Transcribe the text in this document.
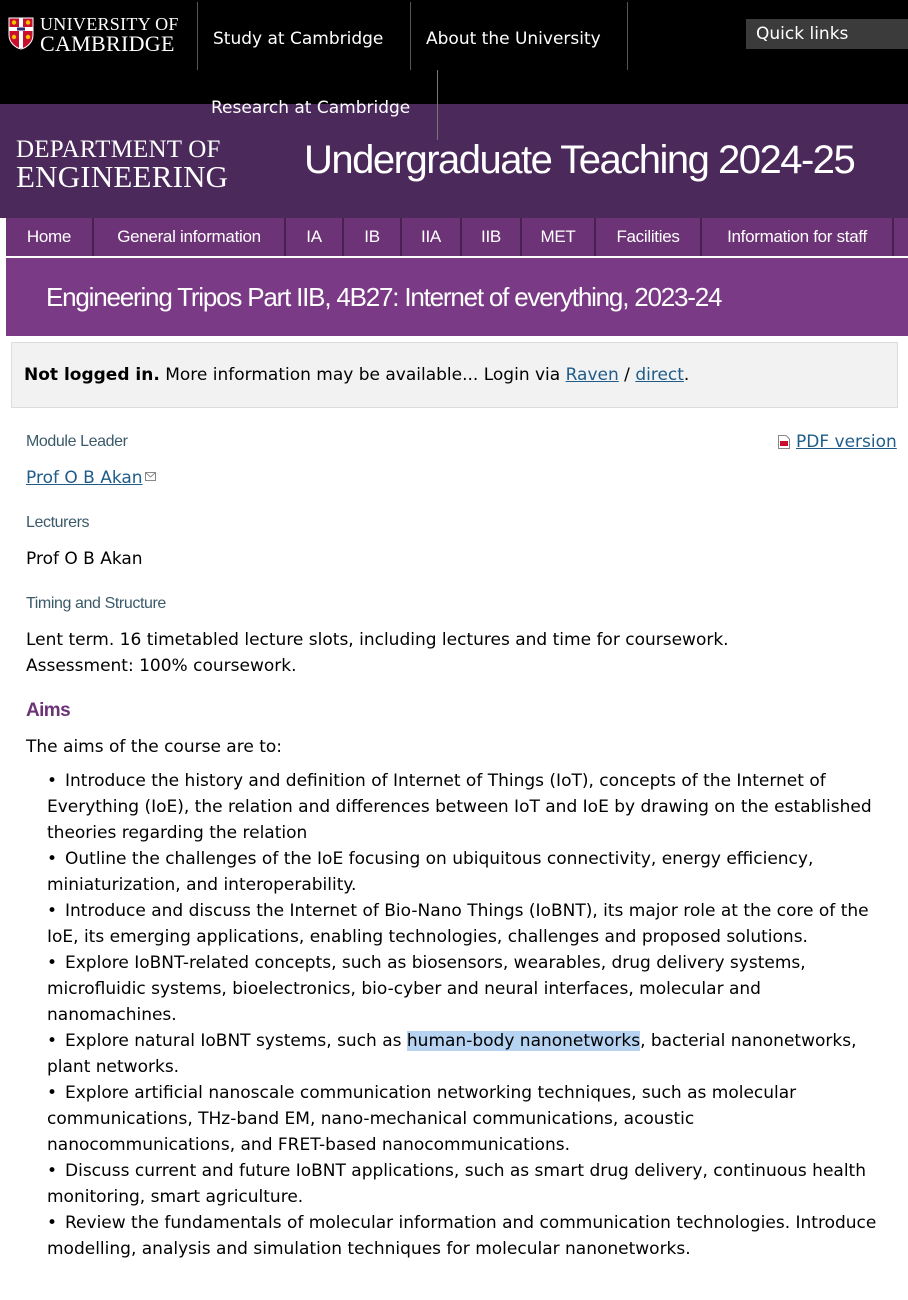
UNIVERSITY OF
CAMBRIDGE Study at Cambridge	About the University	Quick links
Research at Cambridge
DEPARTMENT OF
ENGINEERING Undergraduate Teaching 2024-25
Home	General information	IA	IB	IIA	IIB	MET	Facilities	Information for staff
Engineering Tripos Part IIB, 4B27: Internet of everything, 2023-24
Not logged in. More information may be available... Login via Raven / direct.
PDF version
Module Leader
Prof O B Akan
Lecturers
Prof O B Akan
Timing and Structure
Lent term. 16 timetabled lecture slots, including lectures and time for coursework.
Assessment: 100% coursework.
Aims
The aims of the course are to:
• Introduce the history and definition of Internet of Things (IoT), concepts of the Internet of Everything (IoE), the relation and differences between IoT and IoE by drawing on the established theories regarding the relation
• Outline the challenges of the IoE focusing on ubiquitous connectivity, energy efficiency, miniaturization, and interoperability.
• Introduce and discuss the Internet of Bio-Nano Things (IoBNT), its major role at the core of the IoE, its emerging applications, enabling technologies, challenges and proposed solutions.
• Explore IoBNT-related concepts, such as biosensors, wearables, drug delivery systems, microfluidic systems, bioelectronics, bio-cyber and neural interfaces, molecular and nanomachines.
• Explore natural IoBNT systems, such as human-body nanonetworks, bacterial nanonetworks, plant networks.
• Explore artificial nanoscale communication networking techniques, such as molecular communications, THz-band EM, nano-mechanical communications, acoustic nanocommunications, and FRET-based nanocommunications.
• Discuss current and future IoBNT applications, such as smart drug delivery, continuous health monitoring, smart agriculture.
• Review the fundamentals of molecular information and communication technologies. Introduce modelling, analysis and simulation techniques for molecular nanonetworks.
